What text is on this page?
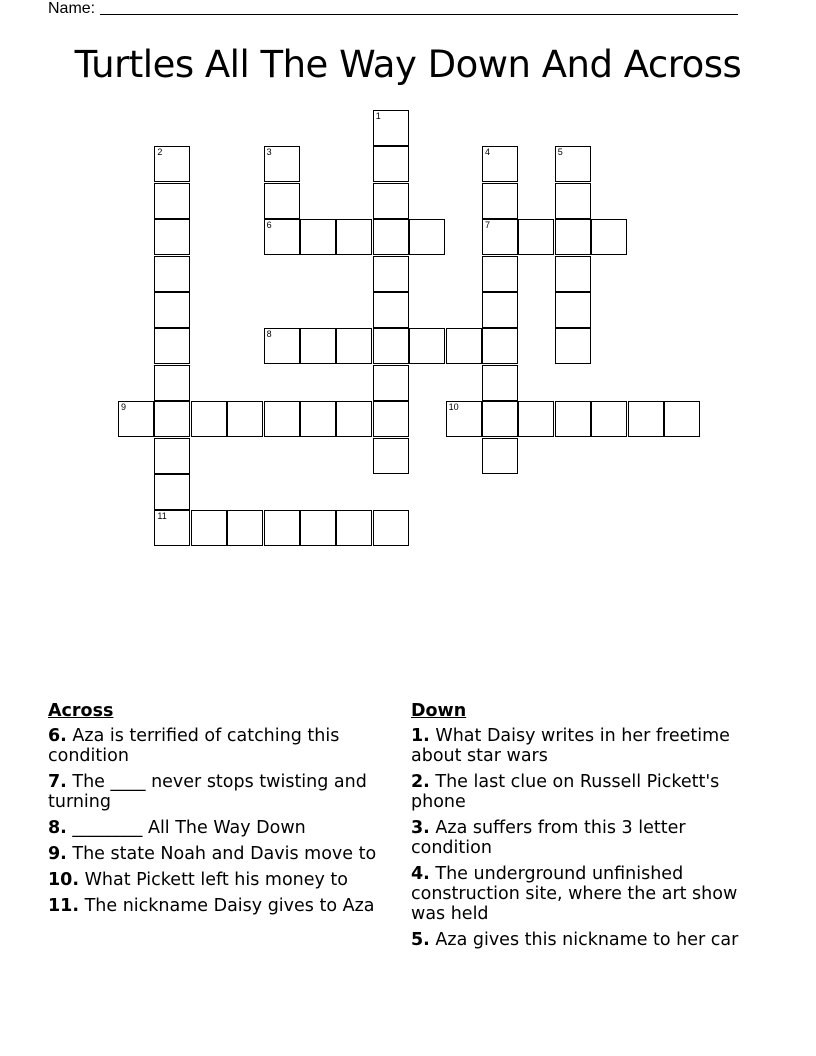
Name:
Turtles All The Way Down And Across
1
2	3	4	5
6	7
8
9	10
11
Across
6. Aza is terrified of catching this condition
7. The ____ never stops twisting and turning
8. ________ All The Way Down
9. The state Noah and Davis move to
10. What Pickett left his money to
11. The nickname Daisy gives to Aza
Down
1. What Daisy writes in her freetime about star wars
2. The last clue on Russell Pickett's phone
3. Aza suffers from this 3 letter condition
4. The underground unfinished construction site, where the art show was held
5. Aza gives this nickname to her car
